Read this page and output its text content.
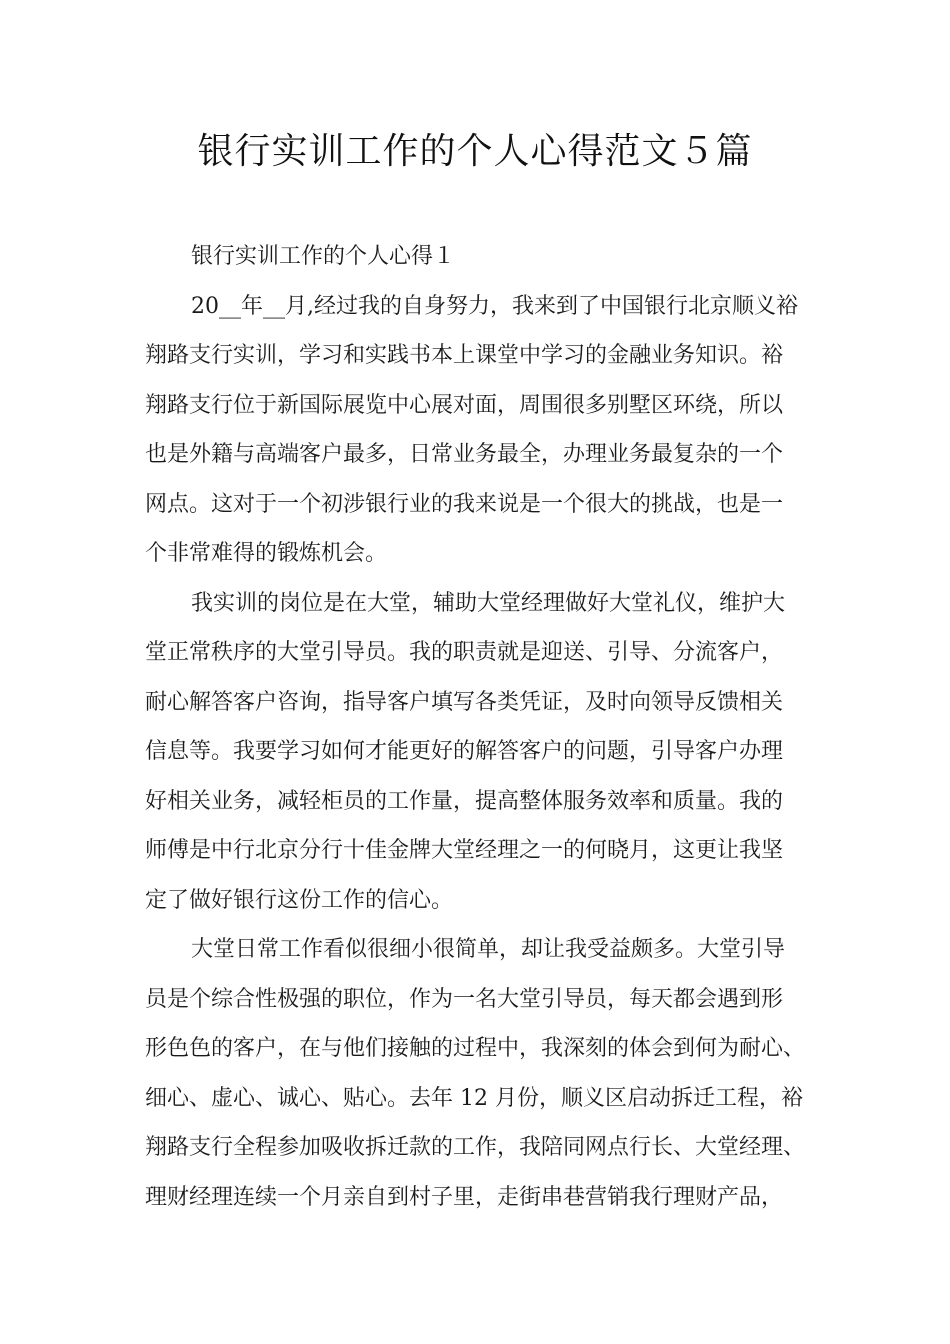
银行实训工作的个人心得范文５篇

银行实训工作的个人心得１

20__年__月,经过我的自身努力，我来到了中国银行北京顺义裕
翔路支行实训，学习和实践书本上课堂中学习的金融业务知识。裕
翔路支行位于新国际展览中心展对面，周围很多别墅区环绕，所以
也是外籍与高端客户最多，日常业务最全，办理业务最复杂的一个
网点。这对于一个初涉银行业的我来说是一个很大的挑战，也是一
个非常难得的锻炼机会。

我实训的岗位是在大堂，辅助大堂经理做好大堂礼仪，维护大
堂正常秩序的大堂引导员。我的职责就是迎送、引导、分流客户，
耐心解答客户咨询，指导客户填写各类凭证，及时向领导反馈相关
信息等。我要学习如何才能更好的解答客户的问题，引导客户办理
好相关业务，减轻柜员的工作量，提高整体服务效率和质量。我的
师傅是中行北京分行十佳金牌大堂经理之一的何晓月，这更让我坚
定了做好银行这份工作的信心。

大堂日常工作看似很细小很简单，却让我受益颇多。大堂引导
员是个综合性极强的职位，作为一名大堂引导员，每天都会遇到形
形色色的客户，在与他们接触的过程中，我深刻的体会到何为耐心、
细心、虚心、诚心、贴心。去年 12 月份，顺义区启动拆迁工程，裕
翔路支行全程参加吸收拆迁款的工作，我陪同网点行长、大堂经理、
理财经理连续一个月亲自到村子里，走街串巷营销我行理财产品，
